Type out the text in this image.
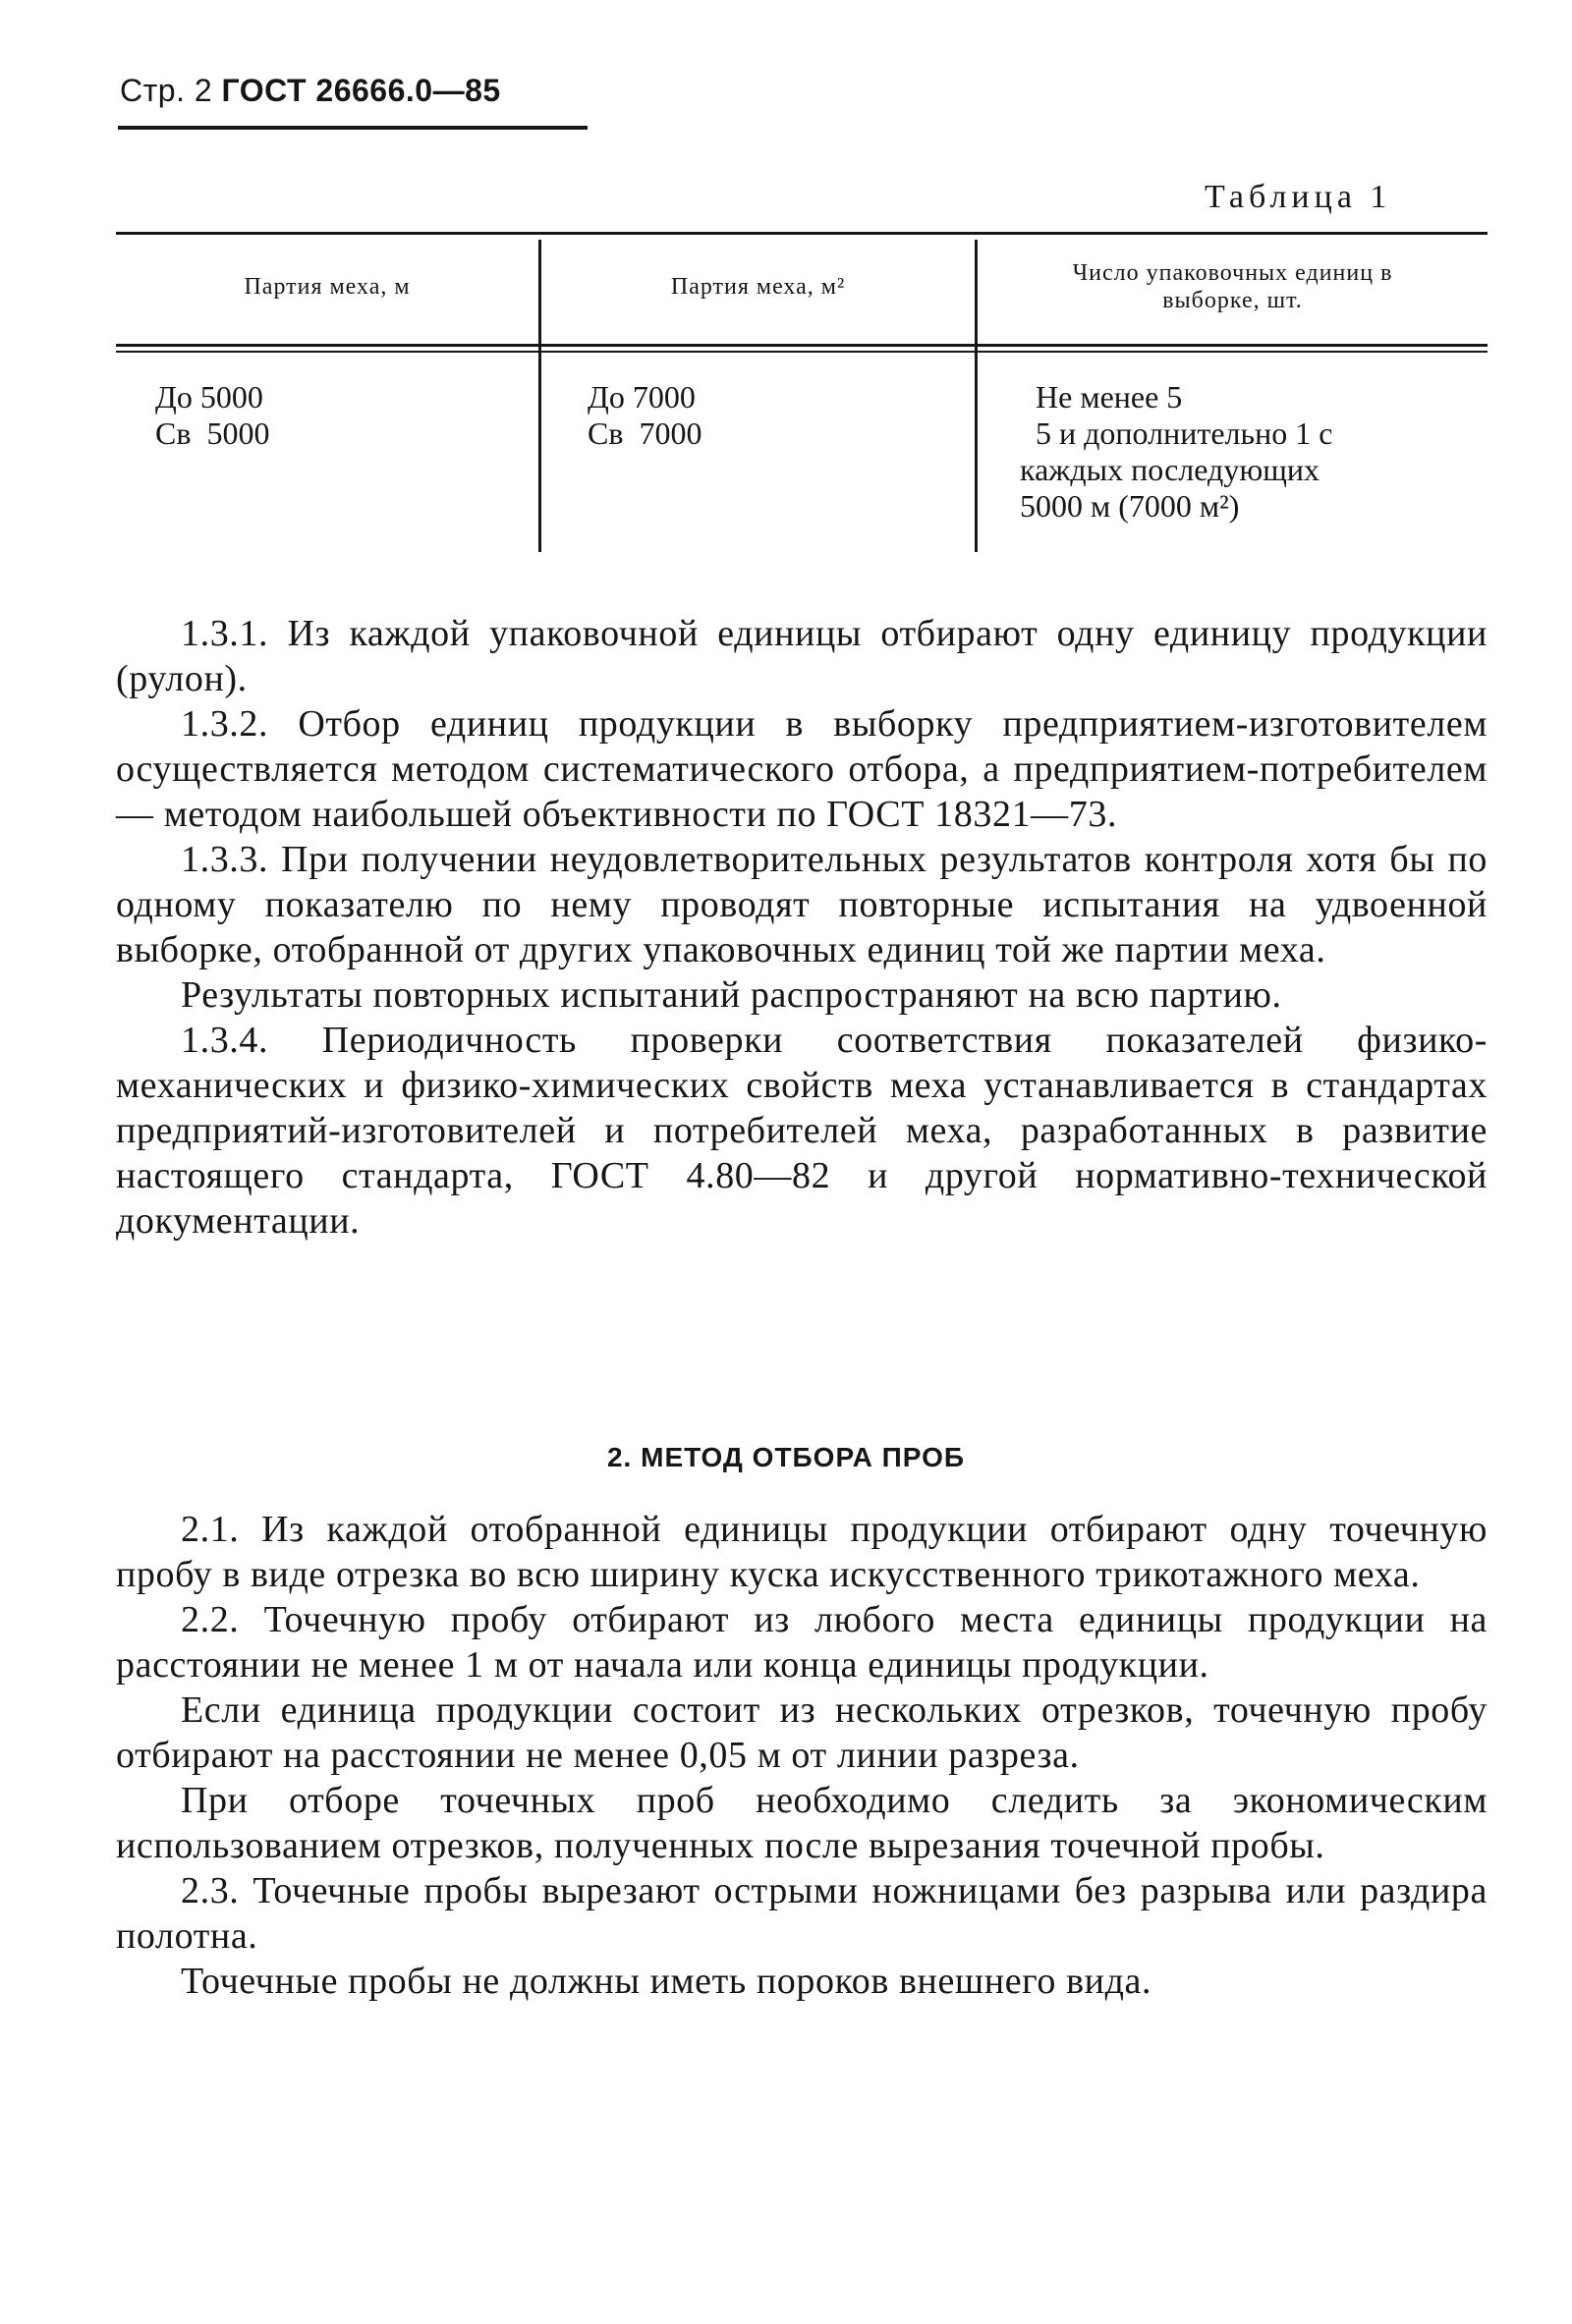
Стр. 2 ГОСТ 26666.0—85
Таблица 1
Партия меха, м	Партия меха, м²
Число упаковочных единиц в выборке, шт.
До 5000
Св  5000
До 7000
Св  7000
Не менее 5
5 и дополнительно 1 с
каждых последующих
5000 м (7000 м²)

1.3.1. Из каждой упаковочной единицы отбирают одну единицу продукции (рулон).

1.3.2. Отбор единиц продукции в выборку предприятием-изготовителем осуществляется методом систематического отбора, а предприятием-потребителем — методом наибольшей объективности по ГОСТ 18321—73.

1.3.3. При получении неудовлетворительных результатов контроля хотя бы по одному показателю по нему проводят повторные испытания на удвоенной выборке, отобранной от других упаковочных единиц той же партии меха.

Результаты повторных испытаний распространяют на всю партию.

1.3.4. Периодичность проверки соответствия показателей физико-механических и физико-химических свойств меха устанавливается в стандартах предприятий-изготовителей и потребителей меха, разработанных в развитие настоящего стандарта, ГОСТ 4.80—82 и другой нормативно-технической документации.

2. МЕТОД ОТБОРА ПРОБ

2.1. Из каждой отобранной единицы продукции отбирают одну точечную пробу в виде отрезка во всю ширину куска искусственного трикотажного меха.

2.2. Точечную пробу отбирают из любого места единицы продукции на расстоянии не менее 1 м от начала или конца единицы продукции.

Если единица продукции состоит из нескольких отрезков, точечную пробу отбирают на расстоянии не менее 0,05 м от линии разреза.

При отборе точечных проб необходимо следить за экономическим использованием отрезков, полученных после вырезания точечной пробы.

2.3. Точечные пробы вырезают острыми ножницами без разрыва или раздира полотна.

Точечные пробы не должны иметь пороков внешнего вида.
